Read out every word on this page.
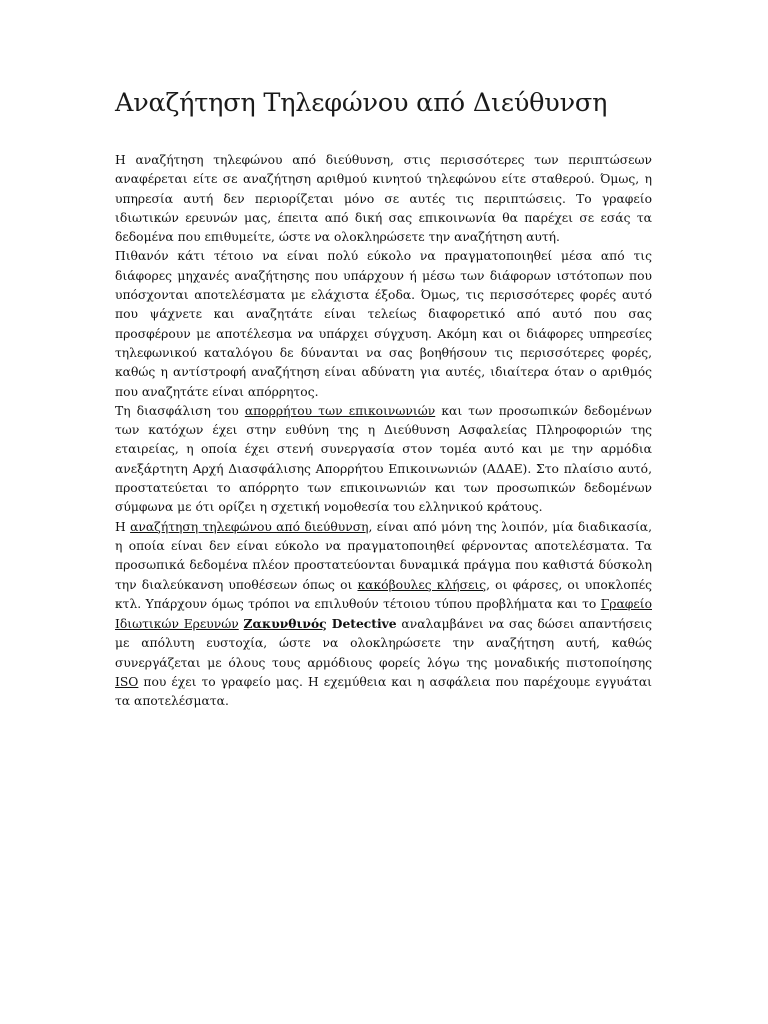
Αναζήτηση Τηλεφώνου από Διεύθυνση

Η αναζήτηση τηλεφώνου από διεύθυνση, στις περισσότερες των περιπτώσεων αναφέρεται είτε σε αναζήτηση αριθμού κινητού τηλεφώνου είτε σταθερού. Όμως, η υπηρεσία αυτή δεν περιορίζεται μόνο σε αυτές τις περιπτώσεις. Το γραφείο ιδιωτικών ερευνών μας, έπειτα από δική σας επικοινωνία θα παρέχει σε εσάς τα δεδομένα που επιθυμείτε, ώστε να ολοκληρώσετε την αναζήτηση αυτή.

Πιθανόν κάτι τέτοιο να είναι πολύ εύκολο να πραγματοποιηθεί μέσα από τις διάφορες μηχανές αναζήτησης που υπάρχουν ή μέσω των διάφορων ιστότοπων που υπόσχονται αποτελέσματα με ελάχιστα έξοδα. Όμως, τις περισσότερες φορές αυτό που ψάχνετε και αναζητάτε είναι τελείως διαφορετικό από αυτό που σας προσφέρουν με αποτέλεσμα να υπάρχει σύγχυση. Ακόμη και οι διάφορες υπηρεσίες τηλεφωνικού καταλόγου δε δύνανται να σας βοηθήσουν τις περισσότερες φορές, καθώς η αντίστροφή αναζήτηση είναι αδύνατη για αυτές, ιδιαίτερα όταν ο αριθμός που αναζητάτε είναι απόρρητος.

Τη διασφάλιση του απορρήτου των επικοινωνιών και των προσωπικών δεδομένων των κατόχων έχει στην ευθύνη της η Διεύθυνση Ασφαλείας Πληροφοριών της εταιρείας, η οποία έχει στενή συνεργασία στον τομέα αυτό και με την αρμόδια ανεξάρτητη Αρχή Διασφάλισης Απορρήτου Επικοινωνιών (ΑΔΑΕ). Στο πλαίσιο αυτό, προστατεύεται το απόρρητο των επικοινωνιών και των προσωπικών δεδομένων σύμφωνα με ότι ορίζει η σχετική νομοθεσία του ελληνικού κράτους.

Η αναζήτηση τηλεφώνου από διεύθυνση, είναι από μόνη της λοιπόν, μία διαδικασία, η οποία είναι δεν είναι εύκολο να πραγματοποιηθεί φέρνοντας αποτελέσματα. Τα προσωπικά δεδομένα πλέον προστατεύονται δυναμικά πράγμα που καθιστά δύσκολη την διαλεύκανση υποθέσεων όπως οι κακόβουλες κλήσεις, οι φάρσες, οι υποκλοπές κτλ. Υπάρχουν όμως τρόποι να επιλυθούν τέτοιου τύπου προβλήματα και το Γραφείο Ιδιωτικών Ερευνών Ζακυνθινός Detective αναλαμβάνει να σας δώσει απαντήσεις με απόλυτη ευστοχία, ώστε να ολοκληρώσετε την αναζήτηση αυτή, καθώς συνεργάζεται με όλους τους αρμόδιους φορείς λόγω της μοναδικής πιστοποίησης ISO που έχει το γραφείο μας. Η εχεμύθεια και η ασφάλεια που παρέχουμε εγγυάται τα αποτελέσματα.
